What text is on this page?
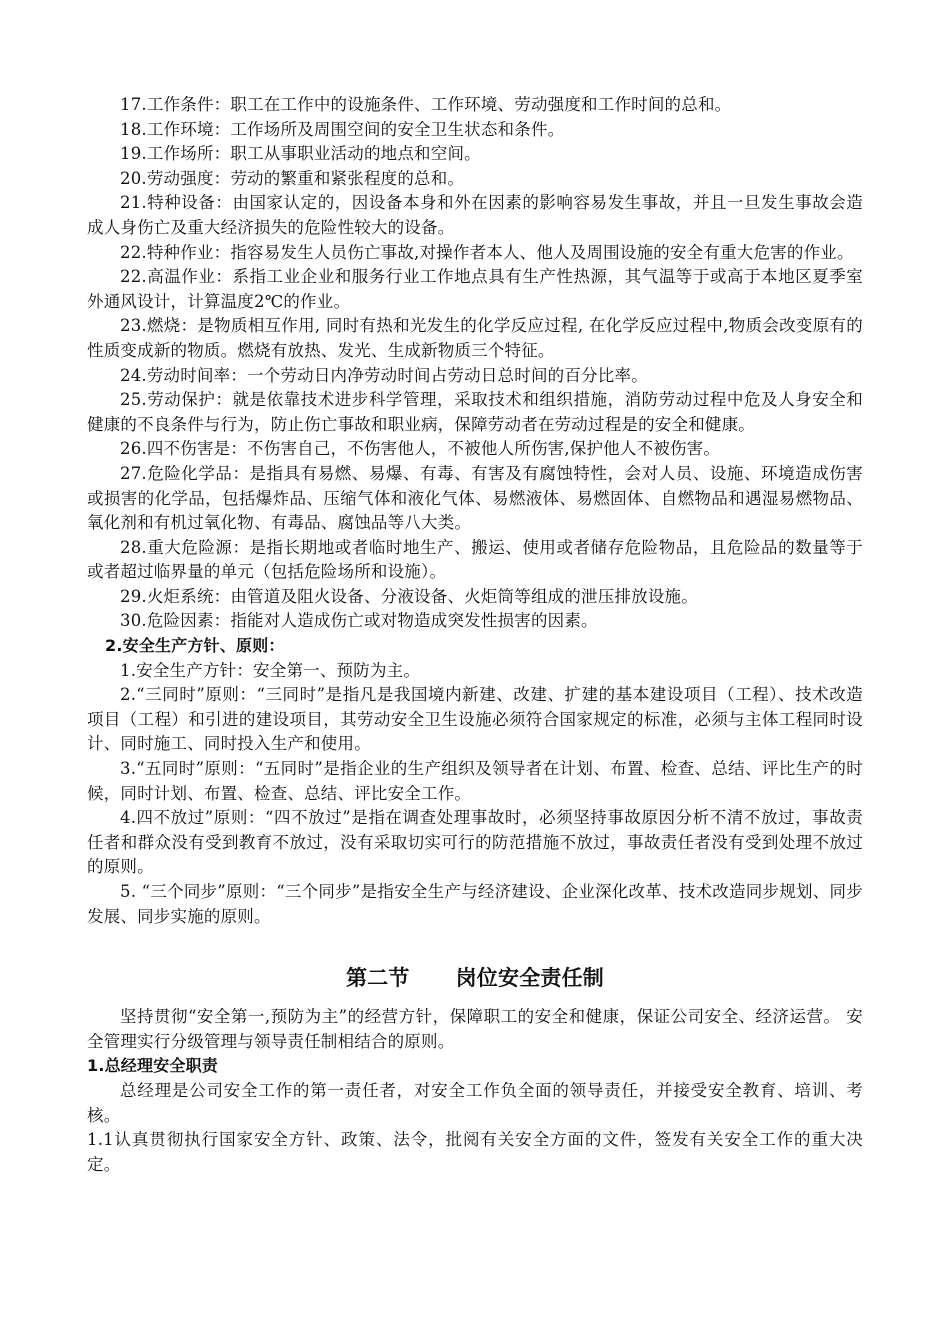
17.工作条件：职工在工作中的设施条件、工作环境、劳动强度和工作时间的总和。

18.工作环境：工作场所及周围空间的安全卫生状态和条件。

19.工作场所：职工从事职业活动的地点和空间。

20.劳动强度：劳动的繁重和紧张程度的总和。

21.特种设备：由国家认定的，因设备本身和外在因素的影响容易发生事故，并且一旦发生事故会造成人身伤亡及重大经济损失的危险性较大的设备。

22.特种作业：指容易发生人员伤亡事故,对操作者本人、他人及周围设施的安全有重大危害的作业。

22.高温作业：系指工业企业和服务行业工作地点具有生产性热源，其气温等于或高于本地区夏季室外通风设计，计算温度2℃的作业。

23.燃烧：是物质相互作用, 同时有热和光发生的化学反应过程, 在化学反应过程中,物质会改变原有的性质变成新的物质。燃烧有放热、发光、生成新物质三个特征。

24.劳动时间率：一个劳动日内净劳动时间占劳动日总时间的百分比率。

25.劳动保护：就是依靠技术进步科学管理，采取技术和组织措施，消防劳动过程中危及人身安全和健康的不良条件与行为，防止伤亡事故和职业病，保障劳动者在劳动过程是的安全和健康。

26.四不伤害是：不伤害自己，不伤害他人，不被他人所伤害,保护他人不被伤害。

27.危险化学品：是指具有易燃、易爆、有毒、有害及有腐蚀特性，会对人员、设施、环境造成伤害或损害的化学品，包括爆炸品、压缩气体和液化气体、易燃液体、易燃固体、自燃物品和遇湿易燃物品、氧化剂和有机过氧化物、有毒品、腐蚀品等八大类。

28.重大危险源：是指长期地或者临时地生产、搬运、使用或者储存危险物品，且危险品的数量等于或者超过临界量的单元（包括危险场所和设施）。

29.火炬系统：由管道及阻火设备、分液设备、火炬筒等组成的泄压排放设施。

30.危险因素：指能对人造成伤亡或对物造成突发性损害的因素。

2.安全生产方针、原则：

1.安全生产方针：安全第一、预防为主。

2.“三同时”原则：“三同时”是指凡是我国境内新建、改建、扩建的基本建设项目（工程）、技术改造项目（工程）和引进的建设项目，其劳动安全卫生设施必须符合国家规定的标准，必须与主体工程同时设计、同时施工、同时投入生产和使用。

3.“五同时”原则：“五同时”是指企业的生产组织及领导者在计划、布置、检查、总结、评比生产的时候，同时计划、布置、检查、总结、评比安全工作。

4.四不放过”原则：“四不放过”是指在调查处理事故时，必须坚持事故原因分析不清不放过，事故责任者和群众没有受到教育不放过，没有采取切实可行的防范措施不放过，事故责任者没有受到处理不放过的原则。

5. “三个同步”原则：“三个同步”是指安全生产与经济建设、企业深化改革、技术改造同步规划、同步发展、同步实施的原则。

第二节 岗位安全责任制

坚持贯彻“安全第一,预防为主”的经营方针，保障职工的安全和健康，保证公司安全、经济运营。 安全管理实行分级管理与领导责任制相结合的原则。

1.总经理安全职责

总经理是公司安全工作的第一责任者，对安全工作负全面的领导责任，并接受安全教育、培训、考核。

1.1认真贯彻执行国家安全方针、政策、法令，批阅有关安全方面的文件，签发有关安全工作的重大决定。
